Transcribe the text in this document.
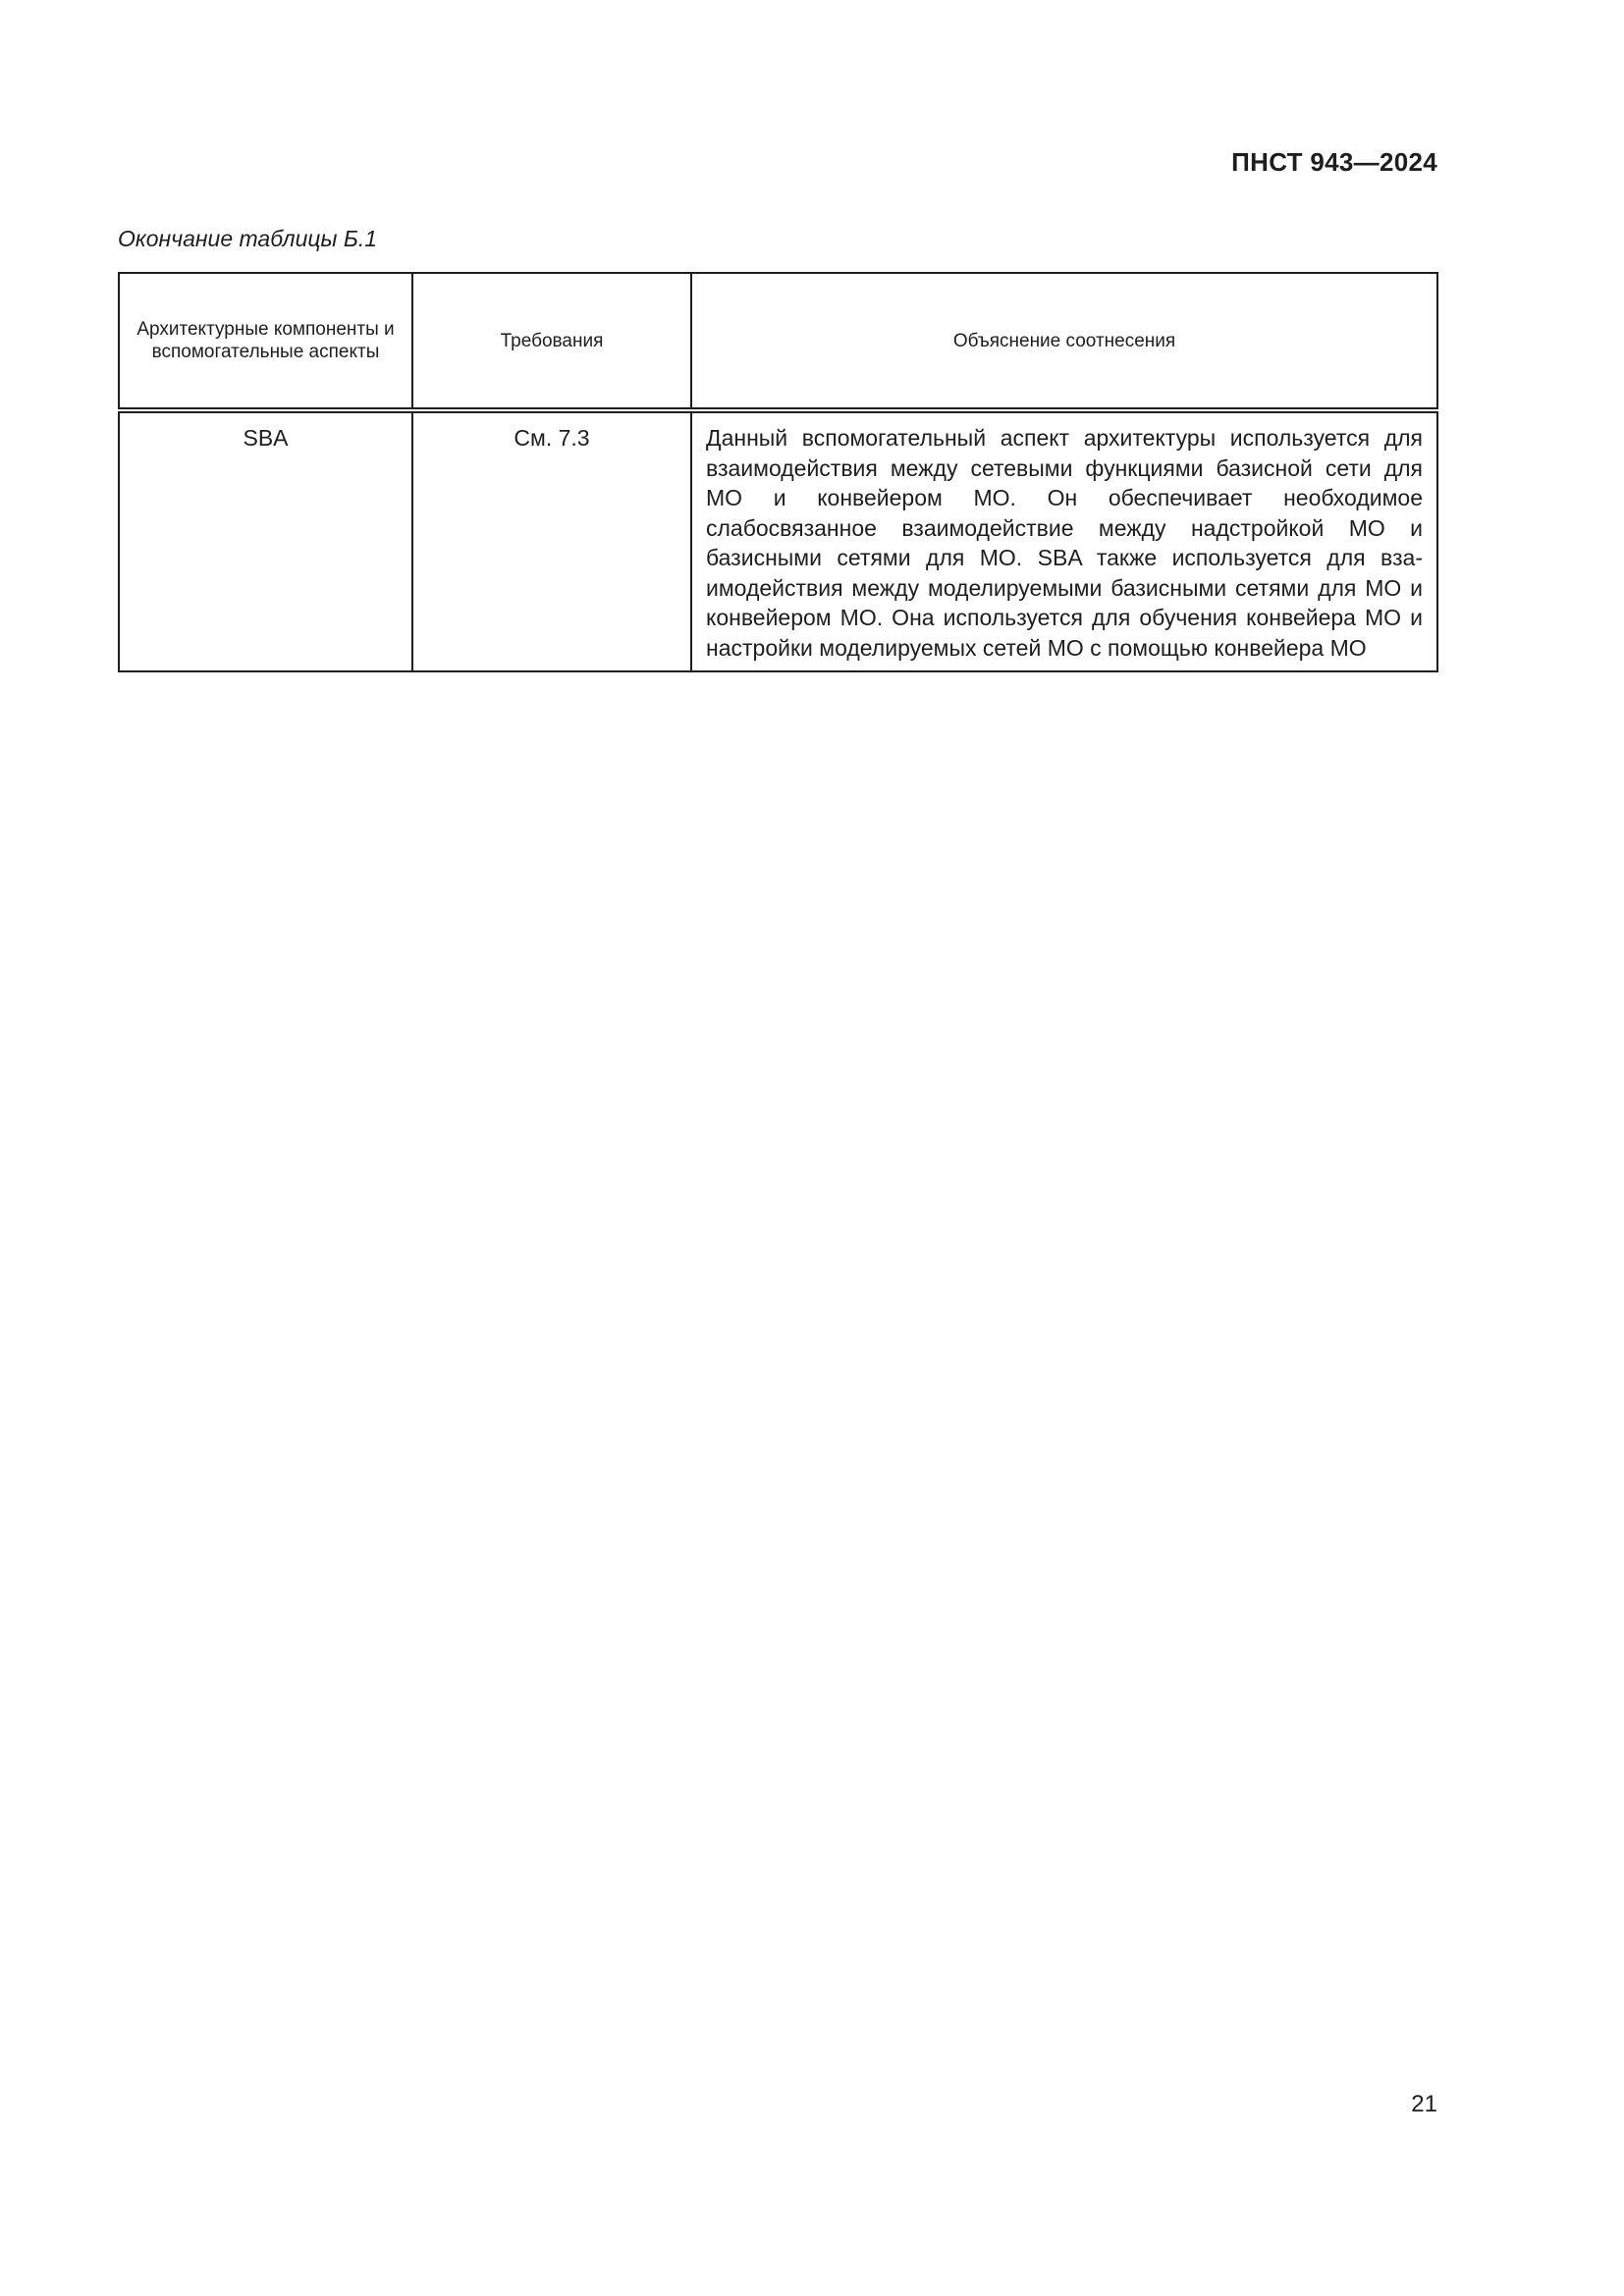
ПНСТ 943—2024
Окончание таблицы Б.1
Архитектурные компоненты и вспомогательные аспекты	Требования	Объяснение соотнесения
SBA	См. 7.3	Данный вспомогательный аспект архитектуры используется для взаимодействия между сетевыми функциями базисной сети для МО и конвейером МО. Он обеспечивает необходимое слабосвязанное взаимодействие между надстройкой МО и базисными сетями для МО. SBA также используется для взаимодействия между моделируемыми базисными сетями для МО и конвейером МО. Она используется для обучения конвейера МО и настройки моделируемых сетей МО с помощью конвейера МО
21
